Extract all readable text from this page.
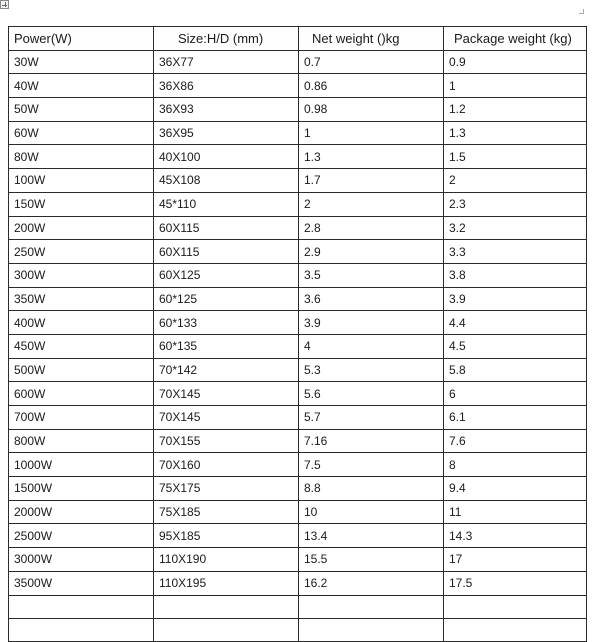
Power(W)	Size:H/D (mm)	Net weight ()kg	Package weight (kg)
30W	36X77	0.7	0.9
40W	36X86	0.86	1
50W	36X93	0.98	1.2
60W	36X95	1	1.3
80W	40X100	1.3	1.5
100W	45X108	1.7	2
150W	45*110	2	2.3
200W	60X115	2.8	3.2
250W	60X115	2.9	3.3
300W	60X125	3.5	3.8
350W	60*125	3.6	3.9
400W	60*133	3.9	4.4
450W	60*135	4	4.5
500W	70*142	5.3	5.8
600W	70X145	5.6	6
700W	70X145	5.7	6.1
800W	70X155	7.16	7.6
1000W	70X160	7.5	8
1500W	75X175	8.8	9.4
2000W	75X185	10	11
2500W	95X185	13.4	14.3
3000W	110X190	15.5	17
3500W	110X195	16.2	17.5
